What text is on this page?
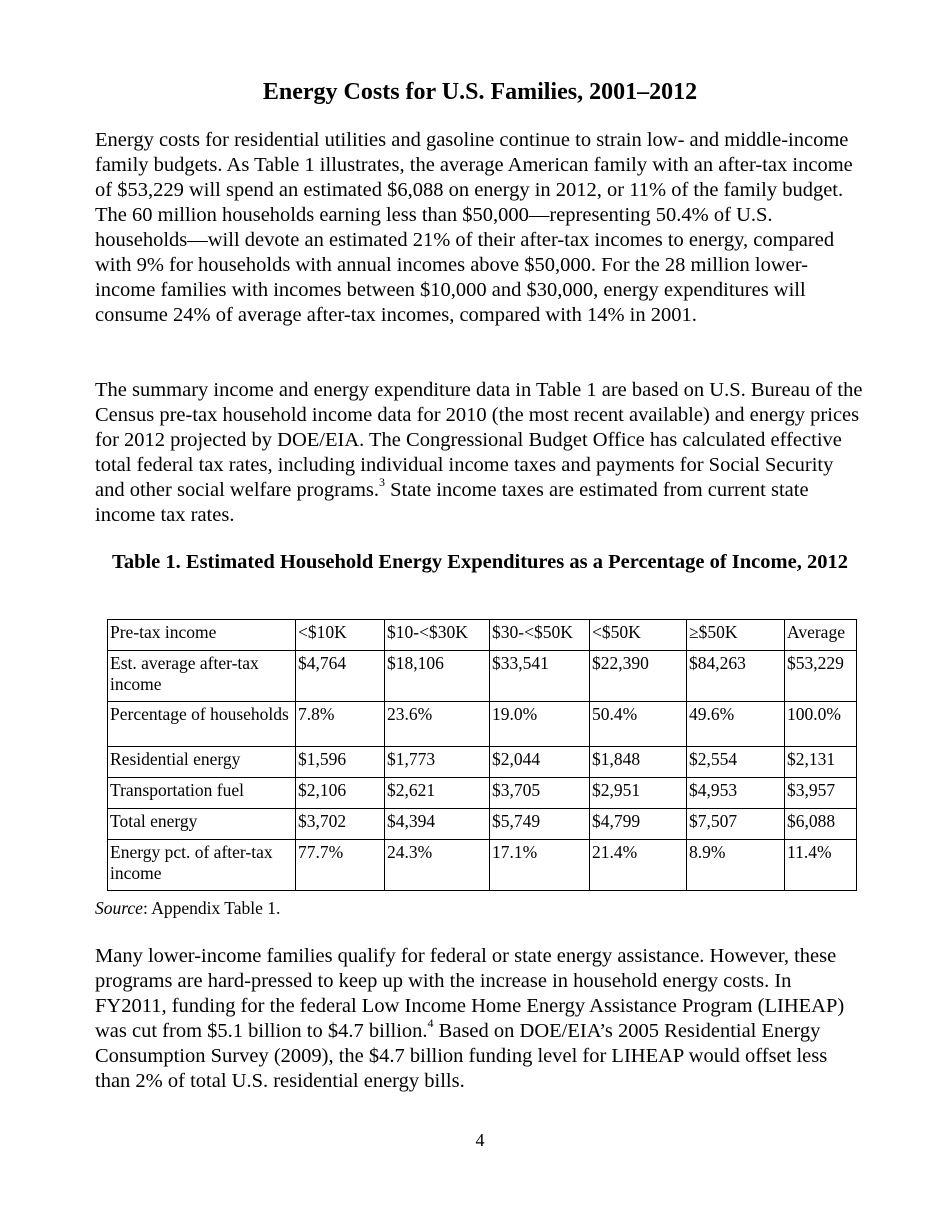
Energy Costs for U.S. Families, 2001–2012

Energy costs for residential utilities and gasoline continue to strain low- and middle-income family budgets. As Table 1 illustrates, the average American family with an after-tax income of $53,229 will spend an estimated $6,088 on energy in 2012, or 11% of the family budget. The 60 million households earning less than $50,000—representing 50.4% of U.S. households—will devote an estimated 21% of their after-tax incomes to energy, compared with 9% for households with annual incomes above $50,000. For the 28 million lower-income families with incomes between $10,000 and $30,000, energy expenditures will consume 24% of average after-tax incomes, compared with 14% in 2001.

The summary income and energy expenditure data in Table 1 are based on U.S. Bureau of the Census pre-tax household income data for 2010 (the most recent available) and energy prices for 2012 projected by DOE/EIA. The Congressional Budget Office has calculated effective total federal tax rates, including individual income taxes and payments for Social Security and other social welfare programs.$^3$ State income taxes are estimated from current state income tax rates.

Table 1. Estimated Household Energy Expenditures as a Percentage of Income, 2012

Pre-tax income	<$10K	$10-<$30K	$30-<$50K	<$50K	≥$50K	Average
Est. average after-tax income	$4,764	$18,106	$33,541	$22,390	$84,263	$53,229
Percentage of households	7.8%	23.6%	19.0%	50.4%	49.6%	100.0%
Residential energy	$1,596	$1,773	$2,044	$1,848	$2,554	$2,131
Transportation fuel	$2,106	$2,621	$3,705	$2,951	$4,953	$3,957
Total energy	$3,702	$4,394	$5,749	$4,799	$7,507	$6,088
Energy pct. of after-tax income	77.7%	24.3%	17.1%	21.4%	8.9%	11.4%

Source: Appendix Table 1.

Many lower-income families qualify for federal or state energy assistance. However, these programs are hard-pressed to keep up with the increase in household energy costs. In FY2011, funding for the federal Low Income Home Energy Assistance Program (LIHEAP) was cut from $5.1 billion to $4.7 billion.$^4$ Based on DOE/EIA’s 2005 Residential Energy Consumption Survey (2009), the $4.7 billion funding level for LIHEAP would offset less than 2% of total U.S. residential energy bills.

4
